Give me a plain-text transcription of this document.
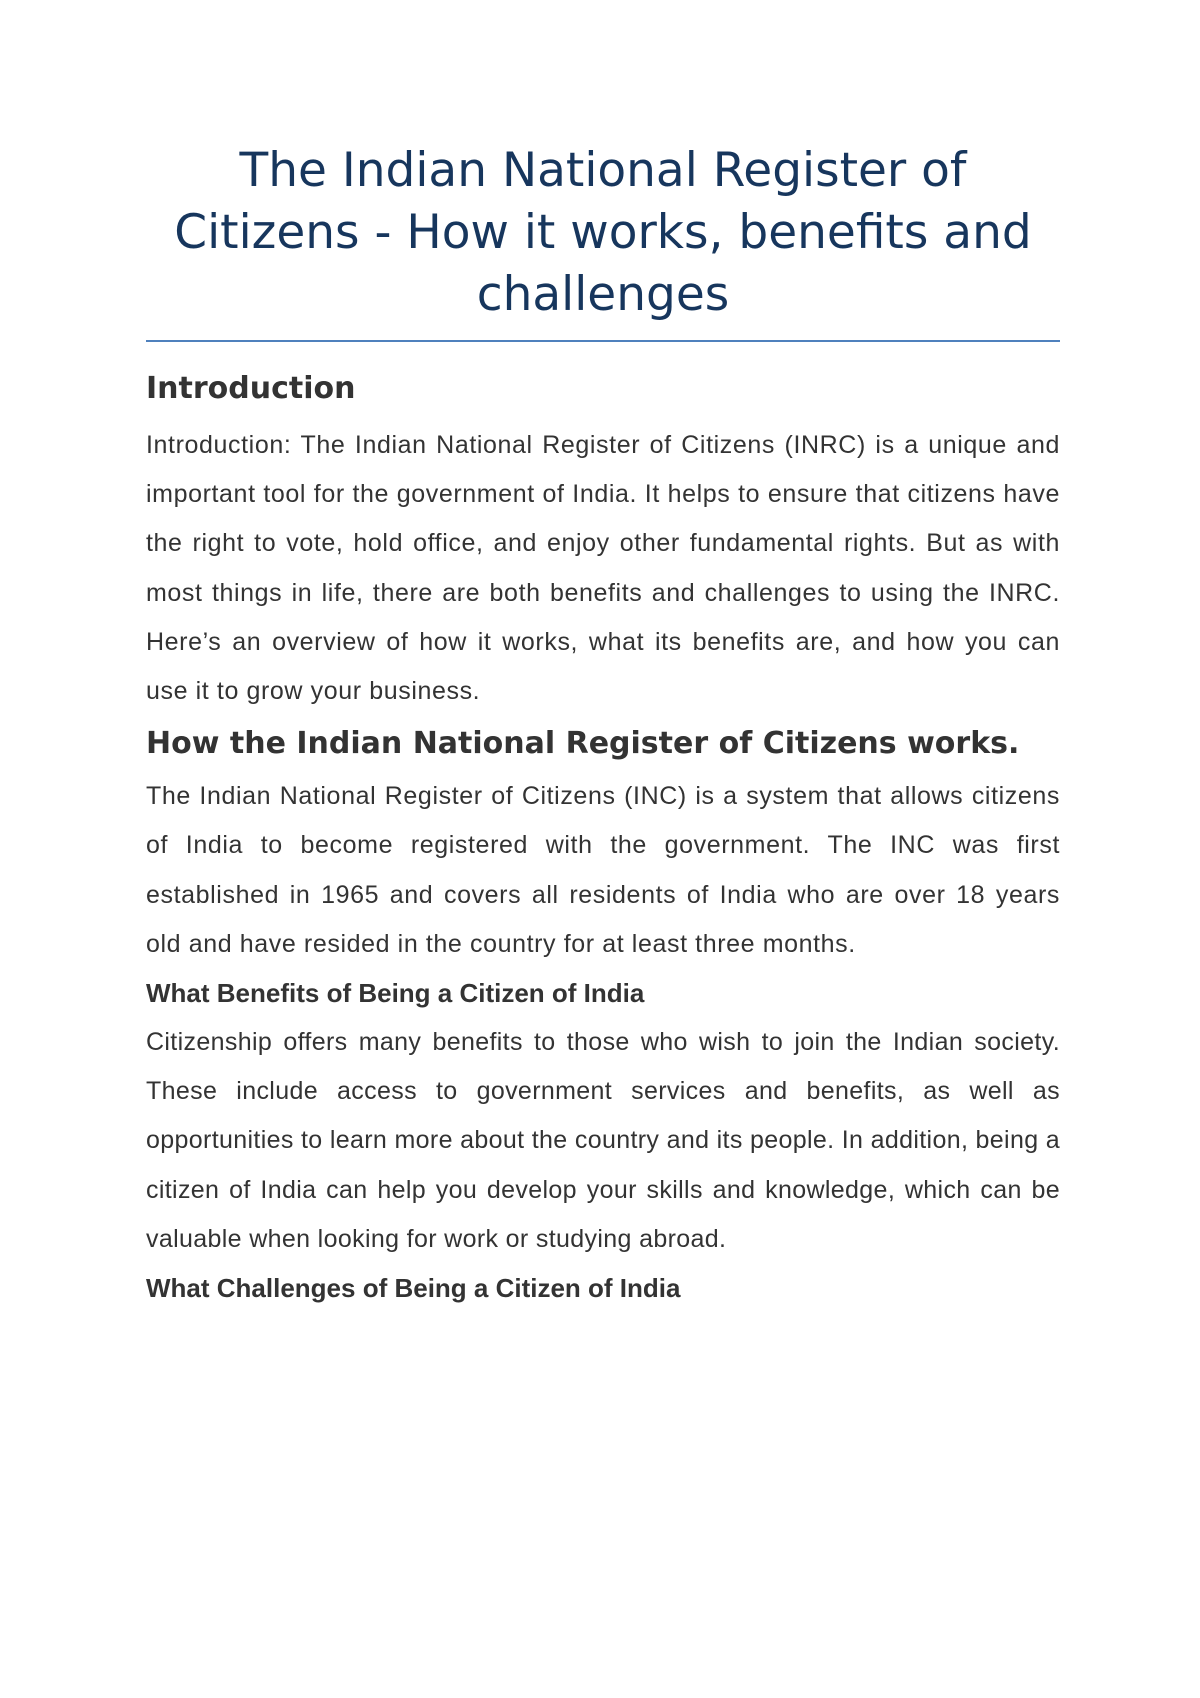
The Indian National Register of Citizens - How it works, benefits and challenges
Introduction

Introduction: The Indian National Register of Citizens (INRC) is a unique and important tool for the government of India. It helps to ensure that citizens have the right to vote, hold office, and enjoy other fundamental rights. But as with most things in life, there are both benefits and challenges to using the INRC. Here’s an overview of how it works, what its benefits are, and how you can use it to grow your business.

How the Indian National Register of Citizens works.

The Indian National Register of Citizens (INC) is a system that allows citizens of India to become registered with the government. The INC was first established in 1965 and covers all residents of India who are over 18 years old and have resided in the country for at least three months.

What Benefits of Being a Citizen of India

Citizenship offers many benefits to those who wish to join the Indian society. These include access to government services and benefits, as well as opportunities to learn more about the country and its people. In addition, being a citizen of India can help you develop your skills and knowledge, which can be valuable when looking for work or studying abroad.

What Challenges of Being a Citizen of India
